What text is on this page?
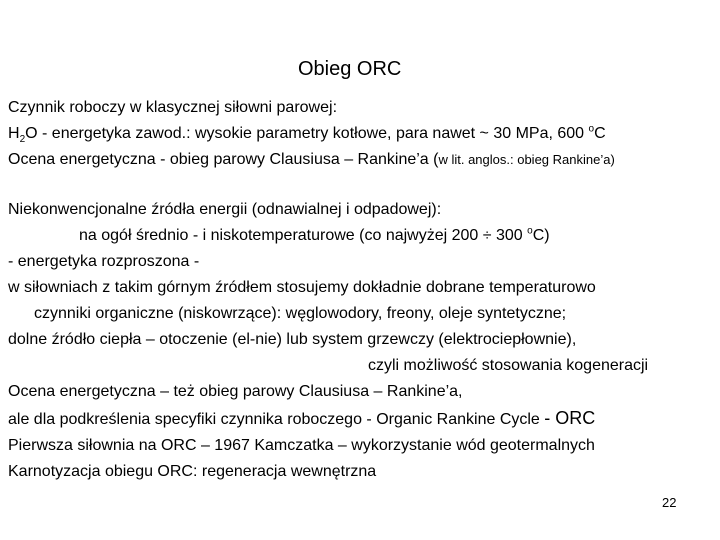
Obieg ORC
Czynnik roboczy w klasycznej siłowni parowej:
$H_2O$ - energetyka zawod.: wysokie parametry kotłowe, para nawet ~ 30 MPa, 600 $^o$C
Ocena energetyczna - obieg parowy Clausiusa – Rankine’a (w lit. anglos.: obieg Rankine’a)
Niekonwencjonalne źródła energii (odnawialnej i odpadowej):
na ogół średnio - i niskotemperaturowe (co najwyżej 200 ÷ 300 $^o$C)
- energetyka rozproszona -
w siłowniach z takim górnym źródłem stosujemy dokładnie dobrane temperaturowo
czynniki organiczne (niskowrzące): węglowodory, freony, oleje syntetyczne;
dolne źródło ciepła – otoczenie (el-nie) lub system grzewczy (elektrociepłownie),
czyli możliwość stosowania kogeneracji
Ocena energetyczna – też obieg parowy Clausiusa – Rankine’a,
ale dla podkreślenia specyfiki czynnika roboczego - Organic Rankine Cycle - ORC
Pierwsza siłownia na ORC – 1967 Kamczatka – wykorzystanie wód geotermalnych
Karnotyzacja obiegu ORC: regeneracja wewnętrzna
22
